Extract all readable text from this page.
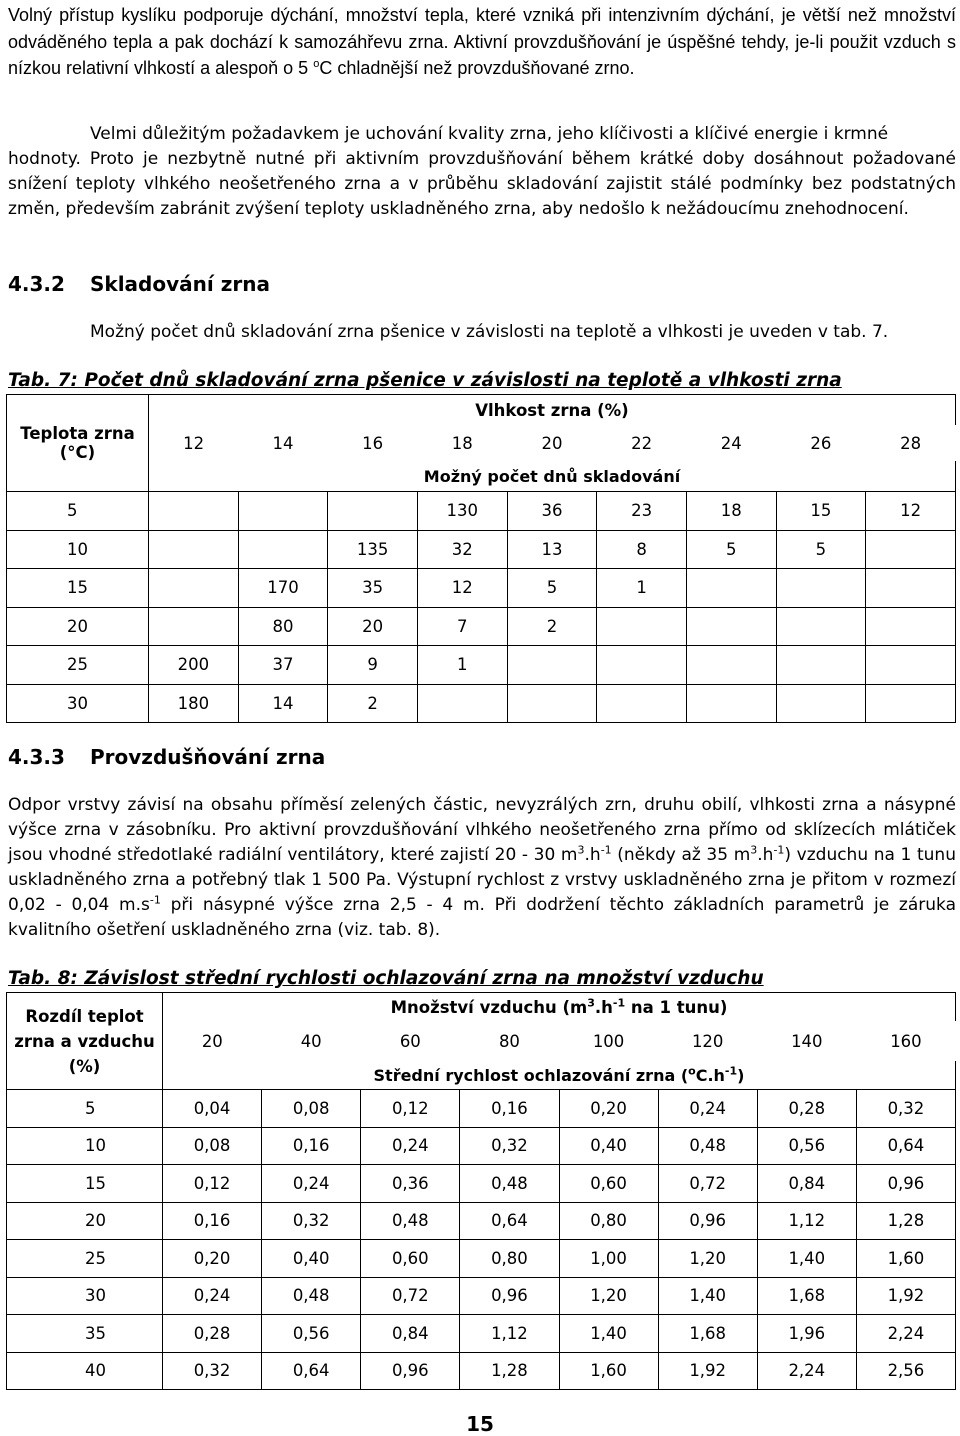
Volný přístup kyslíku podporuje dýchání, množství tepla, které vzniká při intenzivním dýchání, je větší než množství odváděného tepla a pak dochází k samozáhřevu zrna. Aktivní provzdušňování je úspěšné tehdy, je-li použit vzduch s nízkou relativní vlhkostí a alespoň o 5 $^o$C chladnější než provzdušňované zrno.

Velmi důležitým požadavkem je uchování kvality zrna, jeho klíčivosti a klíčivé energie i krmné
hodnoty. Proto je nezbytně nutné při aktivním provzdušňování během krátké doby dosáhnout požadované snížení teploty vlhkého neošetřeného zrna a v průběhu skladování zajistit stálé podmínky bez podstatných změn, především zabránit zvýšení teploty uskladněného zrna, aby nedošlo k nežádoucímu znehodnocení.

4.3.2 Skladování zrna

Možný počet dnů skladování zrna pšenice v závislosti na teplotě a vlhkosti je uveden v tab. 7.

Tab. 7: Počet dnů skladování zrna pšenice v závislosti na teplotě a vlhkosti zrna

Teplota zrna (°C)	Vlhkost zrna (%)								
	12	14	16	18	20	22	24	26	28
	Možný počet dnů skladování								
5				130	36	23	18	15	12
10			135	32	13	8	5	5	
15		170	35	12	5	1			
20		80	20	7	2				
25	200	37	9	1					
30	180	14	2						
4.3.3 Provzdušňování zrna

Odpor vrstvy závisí na obsahu příměsí zelených částic, nevyzrálých zrn, druhu obilí, vlhkosti zrna a násypné výšce zrna v zásobníku. Pro aktivní provzdušňování vlhkého neošetřeného zrna přímo od sklízecích mlátiček jsou vhodné středotlaké radiální ventilátory, které zajistí 20 - 30 $m^3.h^{-1}$ (někdy až 35 $m^3.h^{-1}$) vzduchu na 1 tunu uskladněného zrna a potřebný tlak 1 500 Pa. Výstupní rychlost z vrstvy uskladněného zrna je přitom v rozmezí 0,02 - 0,04 $m.s^{-1}$ při násypné výšce zrna 2,5 - 4 m. Při dodržení těchto základních parametrů je záruka kvalitního ošetření uskladněného zrna (viz. tab. 8).

Tab. 8: Závislost střední rychlosti ochlazování zrna na množství vzduchu

Rozdíl teplot zrna a vzduchu (%)	Množství vzduchu ($m^3.h^{-1}$ na 1 tunu)							
	20	40	60	80	100	120	140	160
	Střední rychlost ochlazování zrna $(^oC.h^{-1})$							
5	0,04	0,08	0,12	0,16	0,20	0,24	0,28	0,32
10	0,08	0,16	0,24	0,32	0,40	0,48	0,56	0,64
15	0,12	0,24	0,36	0,48	0,60	0,72	0,84	0,96
20	0,16	0,32	0,48	0,64	0,80	0,96	1,12	1,28
25	0,20	0,40	0,60	0,80	1,00	1,20	1,40	1,60
30	0,24	0,48	0,72	0,96	1,20	1,40	1,68	1,92
35	0,28	0,56	0,84	1,12	1,40	1,68	1,96	2,24
40	0,32	0,64	0,96	1,28	1,60	1,92	2,24	2,56
15
